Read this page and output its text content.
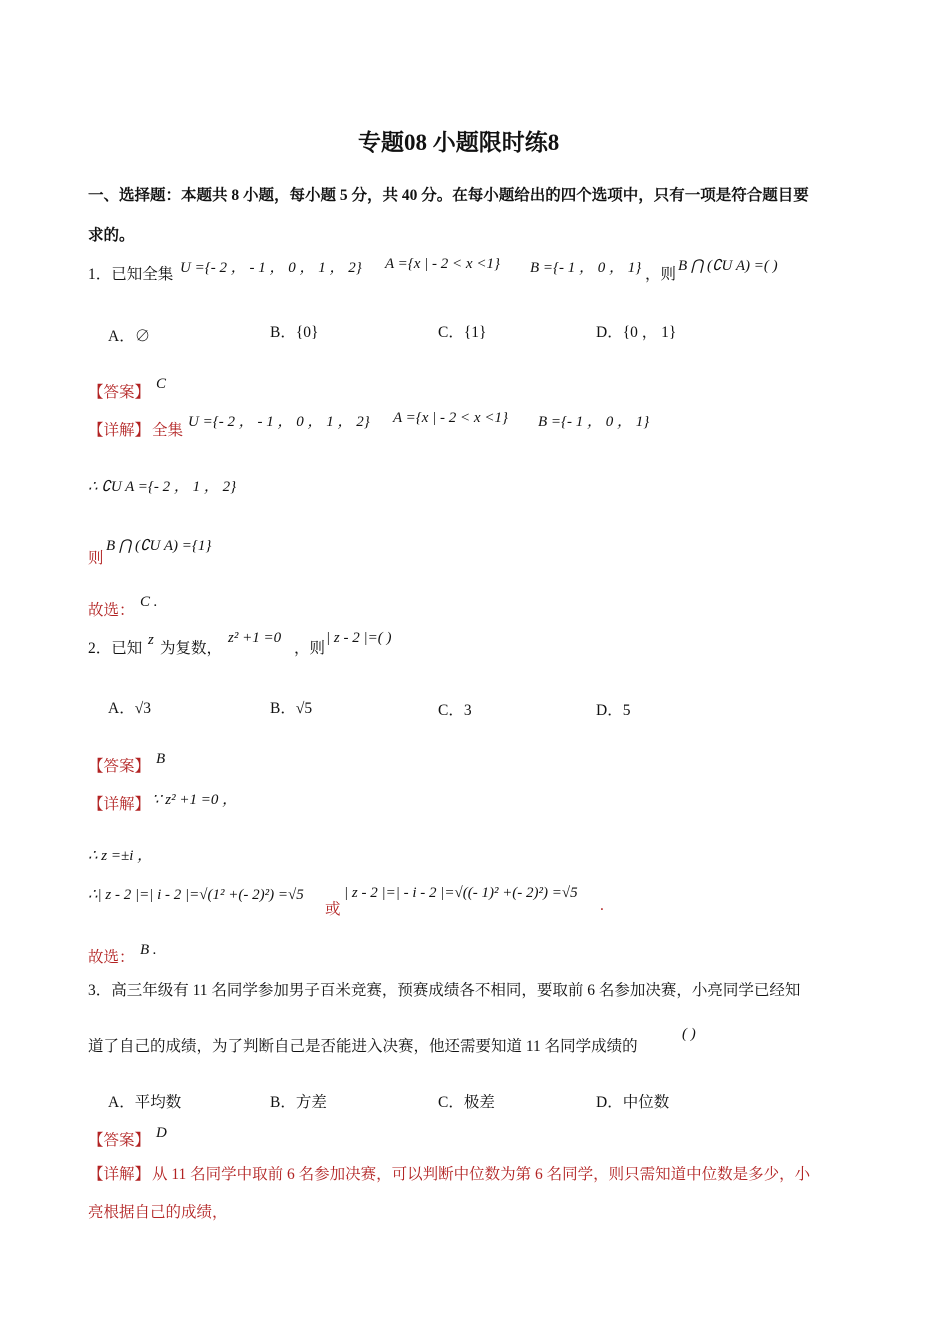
专题08 小题限时练8
一、选择题：本题共 8 小题，每小题 5 分，共 40 分。在每小题给出的四个选项中，只有一项是符合题目要
求的。
1．已知全集 U ={- 2 ， - 1 ， 0 ， 1 ， 2} A ={x | - 2 < x <1} B ={- 1 ， 0 ， 1} ，则 B ⋂ (∁U A) =( )
A．∅	B．{0}	C．{1}	D．{0 ， 1}
【答案】 C
【详解】 全集 U ={- 2 ， - 1 ， 0 ， 1 ， 2} A ={x | - 2 < x <1} B ={- 1 ， 0 ， 1}
∴ ∁U A ={- 2 ， 1 ， 2}
则
B ⋂ (∁U A) ={1}
故选： C .
2．已知 z 为复数，
z² +1 =0
，则
| z - 2 |=( )
A．√3	B．√5	C．3	D．5
【答案】 B
【详解】 ∵ z² +1 =0 ，
∴ z =±i ，
∴| z - 2 |=| i - 2 |=√(1² +(- 2)²) =√5
或
| z - 2 |=| - i - 2 |=√((- 1)² +(- 2)²) =√5
.
故选： B .
3．高三年级有 11 名同学参加男子百米竞赛，预赛成绩各不相同，要取前 6 名参加决赛，小亮同学已经知
道了自己的成绩，为了判断自己是否能进入决赛，他还需要知道 11 名同学成绩的
( )
A．平均数	B．方差	C．极差	D．中位数
【答案】 D
【详解】 从 11 名同学中取前 6 名参加决赛，可以判断中位数为第 6 名同学，则只需知道中位数是多少，小
亮根据自己的成绩，
